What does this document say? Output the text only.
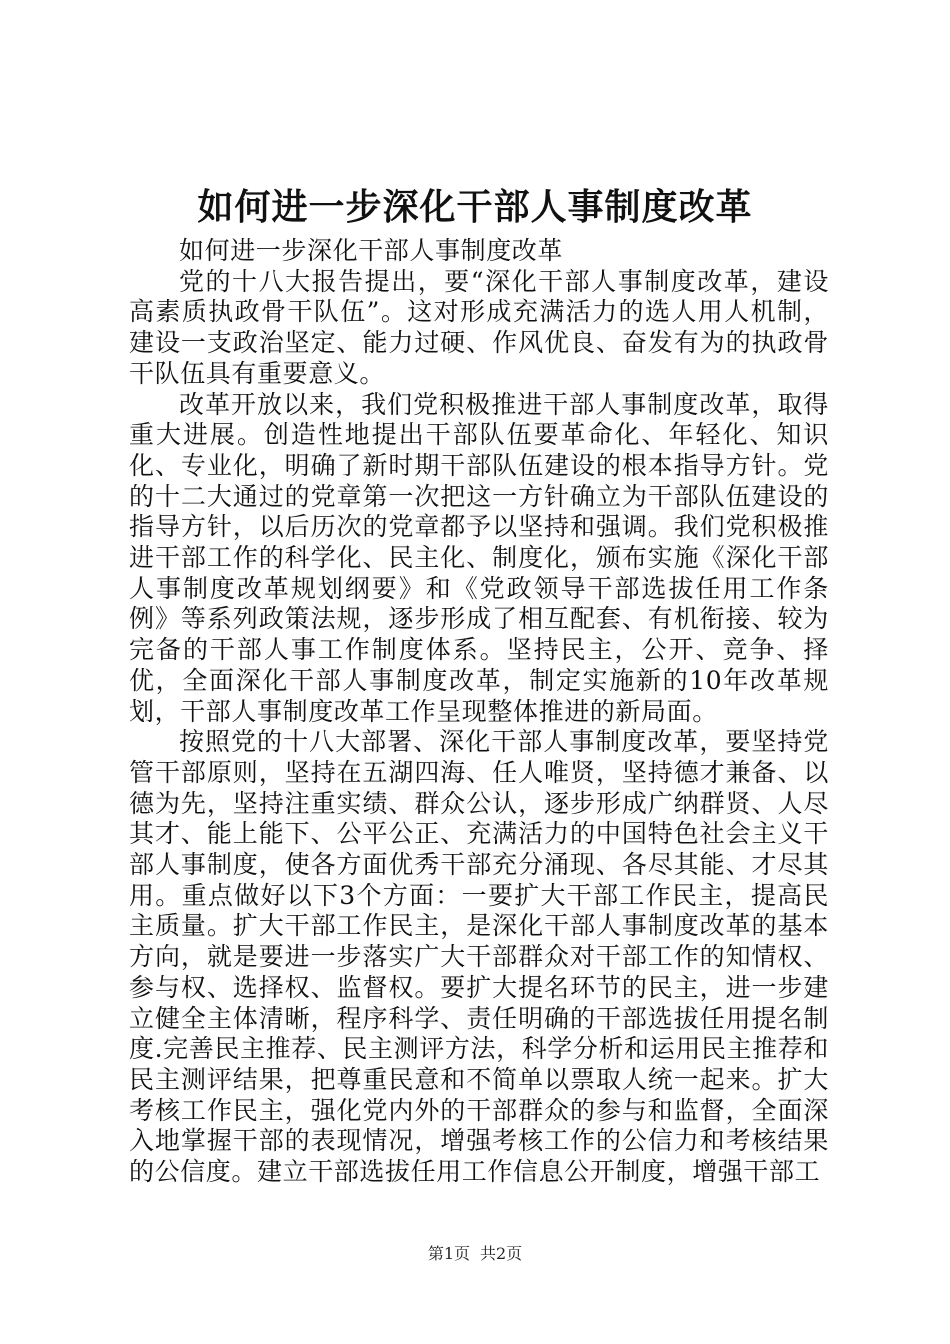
如何进一步深化干部人事制度改革

如何进一步深化干部人事制度改革

党的十八大报告提出，要“深化干部人事制度改革，建设高素质执政骨干队伍”。这对形成充满活力的选人用人机制，建设一支政治坚定、能力过硬、作风优良、奋发有为的执政骨干队伍具有重要意义。

改革开放以来，我们党积极推进干部人事制度改革，取得重大进展。创造性地提出干部队伍要革命化、年轻化、知识化、专业化，明确了新时期干部队伍建设的根本指导方针。党的十二大通过的党章第一次把这一方针确立为干部队伍建设的指导方针，以后历次的党章都予以坚持和强调。我们党积极推进干部工作的科学化、民主化、制度化，颁布实施《深化干部人事制度改革规划纲要》和《党政领导干部选拔任用工作条例》等系列政策法规，逐步形成了相互配套、有机衔接、较为完备的干部人事工作制度体系。坚持民主，公开、竞争、择优，全面深化干部人事制度改革，制定实施新的10年改革规划，干部人事制度改革工作呈现整体推进的新局面。

按照党的十八大部署、深化干部人事制度改革，要坚持党管干部原则，坚持在五湖四海、任人唯贤，坚持德才兼备、以德为先，坚持注重实绩、群众公认，逐步形成广纳群贤、人尽其才、能上能下、公平公正、充满活力的中国特色社会主义干部人事制度，使各方面优秀干部充分涌现、各尽其能、才尽其用。重点做好以下3个方面：一要扩大干部工作民主，提高民主质量。扩大干部工作民主，是深化干部人事制度改革的基本方向，就是要进一步落实广大干部群众对干部工作的知情权、参与权、选择权、监督权。要扩大提名环节的民主，进一步建立健全主体清晰，程序科学、责任明确的干部选拔任用提名制度.完善民主推荐、民主测评方法，科学分析和运用民主推荐和民主测评结果，把尊重民意和不简单以票取人统一起来。扩大考核工作民主，强化党内外的干部群众的参与和监督，全面深入地掌握干部的表现情况，增强考核工作的公信力和考核结果的公信度。建立干部选拔任用工作信息公开制度，增强干部工

第1页 共2页
